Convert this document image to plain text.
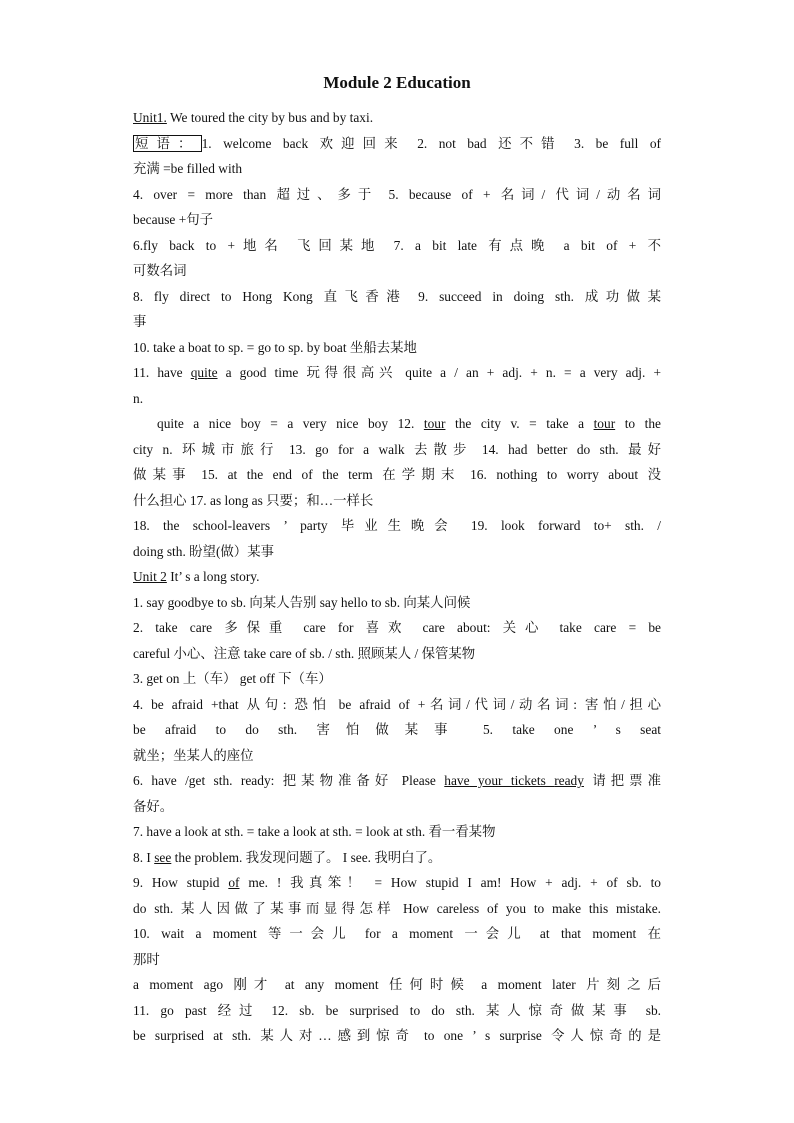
Module 2 Education
Unit1. We toured the city by bus and by taxi.
短语： 1. welcome back 欢迎回来 2. not bad 还不错 3. be full of
充满 =be filled with
4. over = more than 超过、多于 5. because of + 名词/ 代词/动名词
because +句子
6.fly back to +地名 飞回某地 7. a bit late 有点晚 a bit of + 不
可数名词
8. fly direct to Hong Kong 直飞香港 9. succeed in doing sth. 成功做某
事
10. take a boat to sp. = go to sp. by boat 坐船去某地
11. have quite a good time 玩得很高兴 quite a / an + adj. + n. = a very adj. +
n.
quite a nice boy = a very nice boy 12. tour the city v. = take a tour to the
city n. 环城市旅行 13. go for a walk 去散步 14. had better do sth. 最好
做某事 15. at the end of the term 在学期末 16. nothing to worry about 没
什么担心 17. as long as 只要；和…一样长
18. the school-leavers ’ party 毕业生晚会 19. look forward to+ sth. /
doing sth. 盼望(做）某事
Unit 2 It’ s a long story.
1. say goodbye to sb. 向某人告别 say hello to sb. 向某人问候
2. take care 多保重 care for 喜欢 care about: 关心 take care = be
careful 小心、注意 take care of sb. / sth. 照顾某人 / 保管某物
3. get on 上（车） get off 下（车）
4. be afraid +that 从句: 恐怕 be afraid of +名词/代词/动名词: 害怕/担心
be afraid to do sth. 害怕做某事 5. take one ’ s seat
就坐；坐某人的座位
6. have /get sth. ready: 把某物准备好 Please have your tickets ready 请把票准
备好。
7. have a look at sth. = take a look at sth. = look at sth. 看一看某物
8. I see the problem. 我发现问题了。 I see. 我明白了。
9. How stupid of me. ! 我真笨！ = How stupid I am! How + adj. + of sb. to
do sth. 某人因做了某事而显得怎样 How careless of you to make this mistake.
10. wait a moment 等一会儿 for a moment 一会儿 at that moment 在
那时
a moment ago 刚才 at any moment 任何时候 a moment later 片刻之后
11. go past 经过 12. sb. be surprised to do sth. 某人惊奇做某事 sb.
be surprised at sth. 某人对…感到惊奇 to one ’ s surprise 令人惊奇的是
